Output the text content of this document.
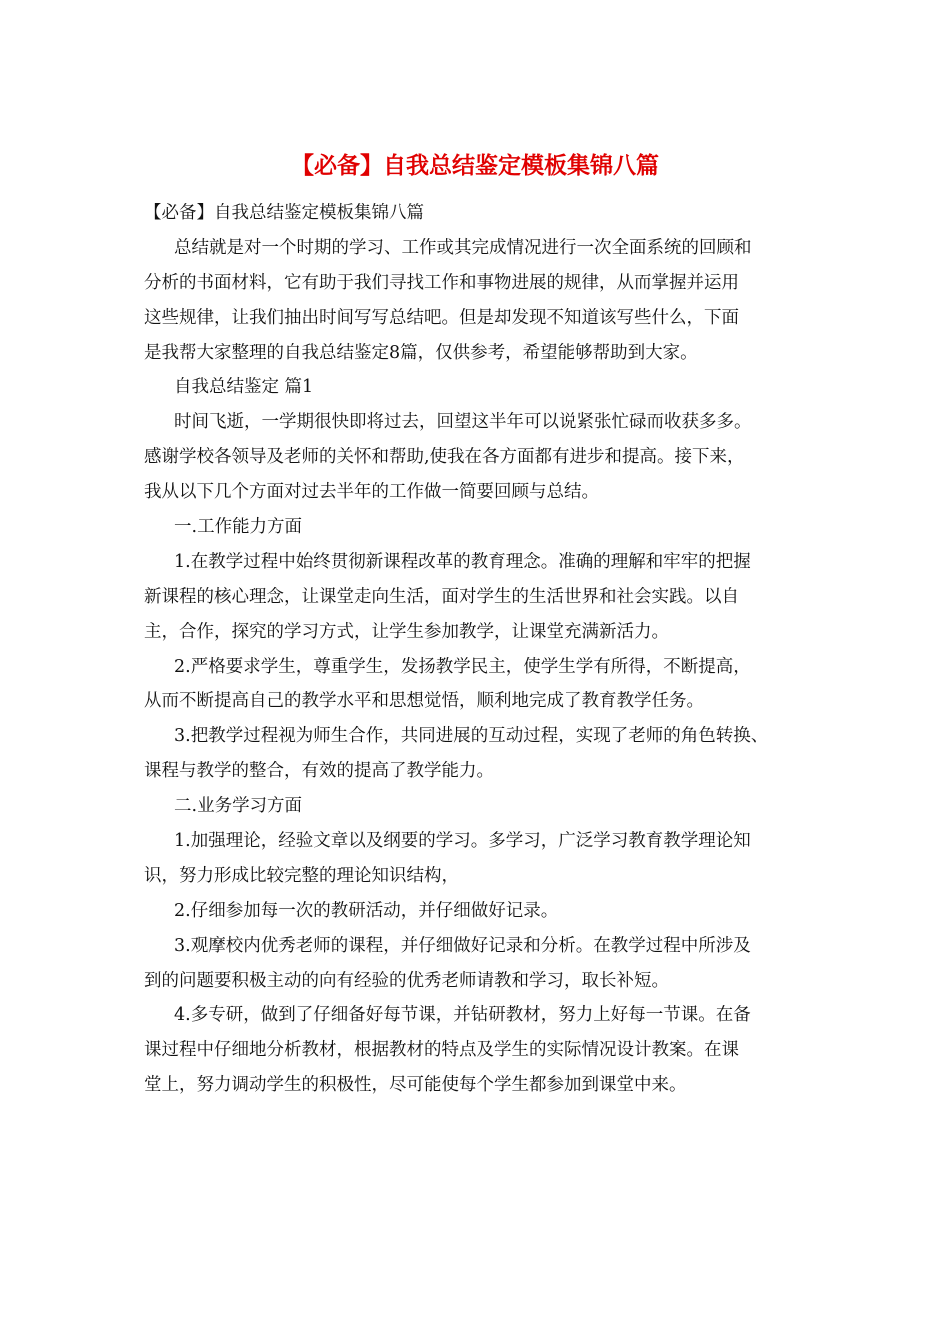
【必备】自我总结鉴定模板集锦八篇

【必备】自我总结鉴定模板集锦八篇

总结就是对一个时期的学习、工作或其完成情况进行一次全面系统的回顾和
分析的书面材料，它有助于我们寻找工作和事物进展的规律，从而掌握并运用
这些规律，让我们抽出时间写写总结吧。但是却发现不知道该写些什么，下面
是我帮大家整理的自我总结鉴定8篇，仅供参考，希望能够帮助到大家。

自我总结鉴定 篇1

时间飞逝，一学期很快即将过去，回望这半年可以说紧张忙碌而收获多多。
感谢学校各领导及老师的关怀和帮助,使我在各方面都有进步和提高。接下来，
我从以下几个方面对过去半年的工作做一简要回顾与总结。

一.工作能力方面

1.在教学过程中始终贯彻新课程改革的教育理念。准确的理解和牢牢的把握
新课程的核心理念，让课堂走向生活，面对学生的生活世界和社会实践。以自
主，合作，探究的学习方式，让学生参加教学，让课堂充满新活力。

2.严格要求学生，尊重学生，发扬教学民主，使学生学有所得，不断提高，
从而不断提高自己的教学水平和思想觉悟，顺利地完成了教育教学任务。

3.把教学过程视为师生合作，共同进展的互动过程，实现了老师的角色转换、
课程与教学的整合，有效的提高了教学能力。

二.业务学习方面

1.加强理论，经验文章以及纲要的学习。多学习，广泛学习教育教学理论知
识，努力形成比较完整的理论知识结构，

2.仔细参加每一次的教研活动，并仔细做好记录。

3.观摩校内优秀老师的课程，并仔细做好记录和分析。在教学过程中所涉及
到的问题要积极主动的向有经验的优秀老师请教和学习，取长补短。

4.多专研，做到了仔细备好每节课，并钻研教材，努力上好每一节课。在备
课过程中仔细地分析教材，根据教材的特点及学生的实际情况设计教案。在课
堂上，努力调动学生的积极性，尽可能使每个学生都参加到课堂中来。
